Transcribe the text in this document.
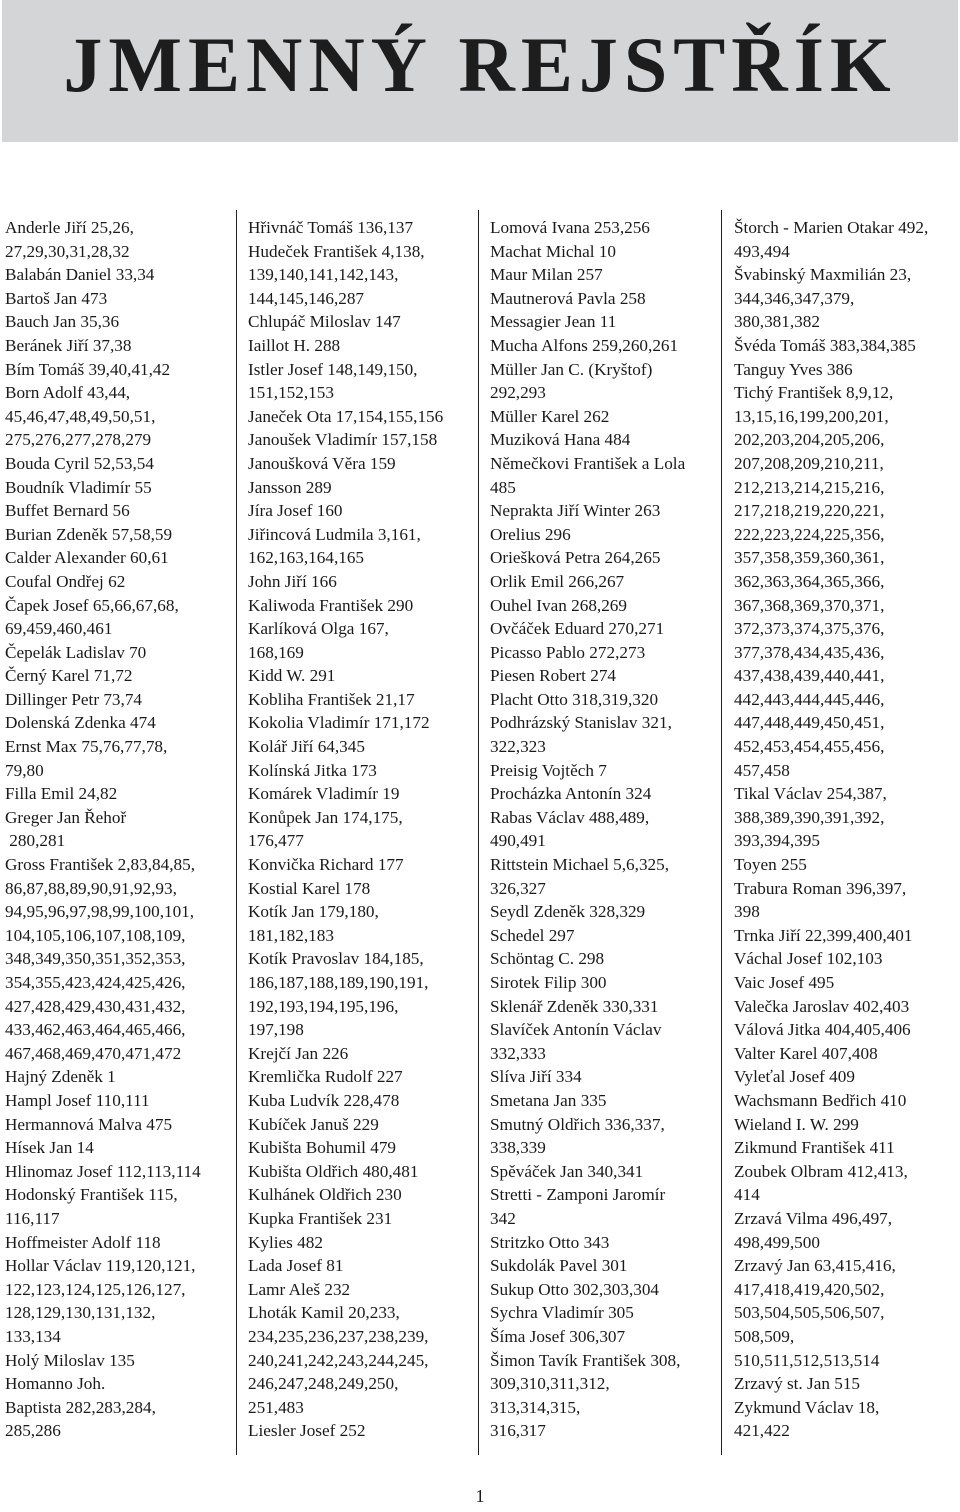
JMENNÝ REJSTŘÍK
Anderle Jiří 25,26,
27,29,30,31,28,32
Balabán Daniel 33,34
Bartoš Jan 473
Bauch Jan 35,36
Beránek Jiří 37,38
Bím Tomáš 39,40,41,42
Born Adolf 43,44,
45,46,47,48,49,50,51,
275,276,277,278,279
Bouda Cyril 52,53,54
Boudník Vladimír 55
Buffet Bernard 56
Burian Zdeněk 57,58,59
Calder Alexander 60,61
Coufal Ondřej 62
Čapek Josef 65,66,67,68,
69,459,460,461
Čepelák Ladislav 70
Černý Karel 71,72
Dillinger Petr 73,74
Dolenská Zdenka 474
Ernst Max 75,76,77,78,
79,80
Filla Emil 24,82
Greger Jan Řehoř
280,281
Gross František 2,83,84,85,
86,87,88,89,90,91,92,93,
94,95,96,97,98,99,100,101,
104,105,106,107,108,109,
348,349,350,351,352,353,
354,355,423,424,425,426,
427,428,429,430,431,432,
433,462,463,464,465,466,
467,468,469,470,471,472
Hajný Zdeněk 1
Hampl Josef 110,111
Hermannová Malva 475
Hísek Jan 14
Hlinomaz Josef 112,113,114
Hodonský František 115,
116,117
Hoffmeister Adolf 118
Hollar Václav 119,120,121,
122,123,124,125,126,127,
128,129,130,131,132,
133,134
Holý Miloslav 135
Homanno Joh.
Baptista 282,283,284,
285,286
Hřivnáč Tomáš 136,137
Hudeček František 4,138,
139,140,141,142,143,
144,145,146,287
Chlupáč Miloslav 147
Iaillot H. 288
Istler Josef 148,149,150,
151,152,153
Janeček Ota 17,154,155,156
Janoušek Vladimír 157,158
Janoušková Věra 159
Jansson 289
Jíra Josef 160
Jiřincová Ludmila 3,161,
162,163,164,165
John Jiří 166
Kaliwoda František 290
Karlíková Olga 167,
168,169
Kidd W. 291
Kobliha František 21,17
Kokolia Vladimír 171,172
Kolář Jiří 64,345
Kolínská Jitka 173
Komárek Vladimír 19
Konůpek Jan 174,175,
176,477
Konvička Richard 177
Kostial Karel 178
Kotík Jan 179,180,
181,182,183
Kotík Pravoslav 184,185,
186,187,188,189,190,191,
192,193,194,195,196,
197,198
Krejčí Jan 226
Kremlička Rudolf 227
Kuba Ludvík 228,478
Kubíček Januš 229
Kubišta Bohumil 479
Kubišta Oldřich 480,481
Kulhánek Oldřich 230
Kupka František 231
Kylies 482
Lada Josef 81
Lamr Aleš 232
Lhoták Kamil 20,233,
234,235,236,237,238,239,
240,241,242,243,244,245,
246,247,248,249,250,
251,483
Liesler Josef 252
Lomová Ivana 253,256
Machat Michal 10
Maur Milan 257
Mautnerová Pavla 258
Messagier Jean 11
Mucha Alfons 259,260,261
Müller Jan C. (Kryštof)
292,293
Müller Karel 262
Muziková Hana 484
Němečkovi František a Lola
485
Neprakta Jiří Winter 263
Orelius 296
Oriešková Petra 264,265
Orlik Emil 266,267
Ouhel Ivan 268,269
Ovčáček Eduard 270,271
Picasso Pablo 272,273
Piesen Robert 274
Placht Otto 318,319,320
Podhrázský Stanislav 321,
322,323
Preisig Vojtěch 7
Procházka Antonín 324
Rabas Václav 488,489,
490,491
Rittstein Michael 5,6,325,
326,327
Seydl Zdeněk 328,329
Schedel 297
Schöntag C. 298
Sirotek Filip 300
Sklenář Zdeněk 330,331
Slavíček Antonín Václav
332,333
Slíva Jiří 334
Smetana Jan 335
Smutný Oldřich 336,337,
338,339
Spěváček Jan 340,341
Stretti - Zamponi Jaromír
342
Stritzko Otto 343
Sukdolák Pavel 301
Sukup Otto 302,303,304
Sychra Vladimír 305
Šíma Josef 306,307
Šimon Tavík František 308,
309,310,311,312,
313,314,315,
316,317
Štorch - Marien Otakar 492,
493,494
Švabinský Maxmilián 23,
344,346,347,379,
380,381,382
Švéda Tomáš 383,384,385
Tanguy Yves 386
Tichý František 8,9,12,
13,15,16,199,200,201,
202,203,204,205,206,
207,208,209,210,211,
212,213,214,215,216,
217,218,219,220,221,
222,223,224,225,356,
357,358,359,360,361,
362,363,364,365,366,
367,368,369,370,371,
372,373,374,375,376,
377,378,434,435,436,
437,438,439,440,441,
442,443,444,445,446,
447,448,449,450,451,
452,453,454,455,456,
457,458
Tikal Václav 254,387,
388,389,390,391,392,
393,394,395
Toyen 255
Trabura Roman 396,397,
398
Trnka Jiří 22,399,400,401
Váchal Josef 102,103
Vaic Josef 495
Valečka Jaroslav 402,403
Válová Jitka 404,405,406
Valter Karel 407,408
Vyleťal Josef 409
Wachsmann Bedřich 410
Wieland I. W. 299
Zikmund František 411
Zoubek Olbram 412,413,
414
Zrzavá Vilma 496,497,
498,499,500
Zrzavý Jan 63,415,416,
417,418,419,420,502,
503,504,505,506,507,
508,509,
510,511,512,513,514
Zrzavý st. Jan 515
Zykmund Václav 18,
421,422
1
